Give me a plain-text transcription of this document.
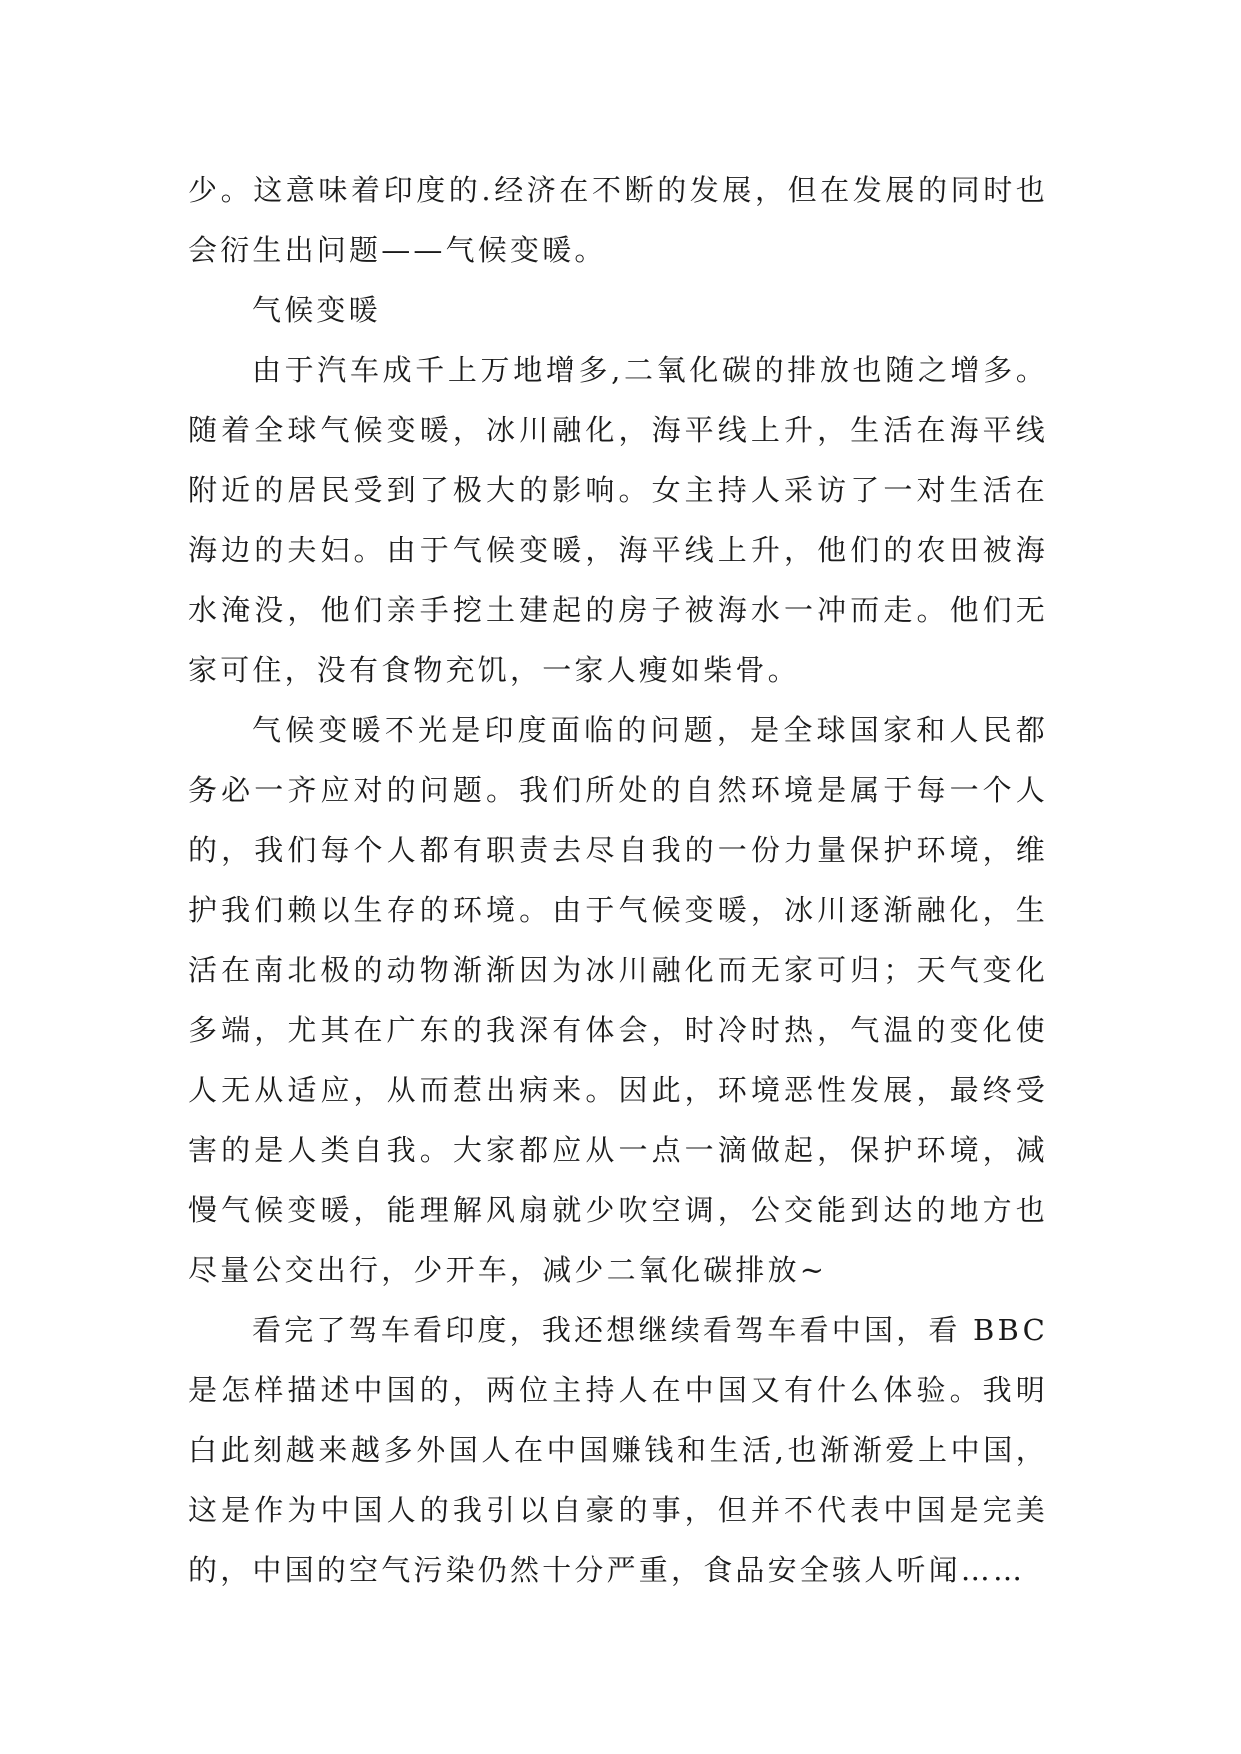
少。这意味着印度的.经济在不断的发展，但在发展的同时也会衍生出问题——气候变暖。

气候变暖

由于汽车成千上万地增多,二氧化碳的排放也随之增多。随着全球气候变暖，冰川融化，海平线上升，生活在海平线附近的居民受到了极大的影响。女主持人采访了一对生活在海边的夫妇。由于气候变暖，海平线上升，他们的农田被海水淹没，他们亲手挖土建起的房子被海水一冲而走。他们无家可住，没有食物充饥，一家人瘦如柴骨。

气候变暖不光是印度面临的问题，是全球国家和人民都务必一齐应对的问题。我们所处的自然环境是属于每一个人的，我们每个人都有职责去尽自我的一份力量保护环境，维护我们赖以生存的环境。由于气候变暖，冰川逐渐融化，生活在南北极的动物渐渐因为冰川融化而无家可归；天气变化多端，尤其在广东的我深有体会，时冷时热，气温的变化使人无从适应，从而惹出病来。因此，环境恶性发展，最终受害的是人类自我。大家都应从一点一滴做起，保护环境，减慢气候变暖，能理解风扇就少吹空调，公交能到达的地方也尽量公交出行，少开车，减少二氧化碳排放~

看完了驾车看印度，我还想继续看驾车看中国，看 BBC 是怎样描述中国的，两位主持人在中国又有什么体验。我明白此刻越来越多外国人在中国赚钱和生活,也渐渐爱上中国，这是作为中国人的我引以自豪的事，但并不代表中国是完美的，中国的空气污染仍然十分严重，食品安全骇人听闻……
